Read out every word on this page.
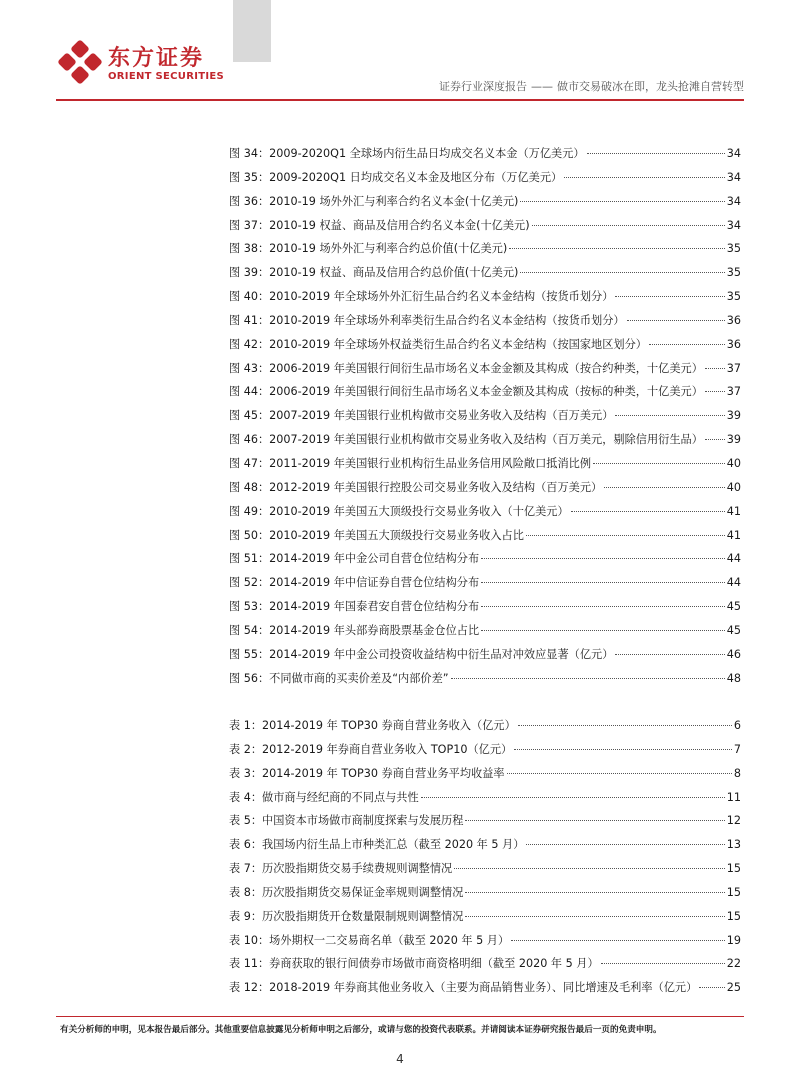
东方证券
ORIENT SECURITIES
证券行业深度报告 —— 做市交易破冰在即，龙头抢滩自营转型
图 34：2009-2020Q1 全球场内衍生品日均成交名义本金（万亿美元）	34
图 35：2009-2020Q1 日均成交名义本金及地区分布（万亿美元）	34
图 36：2010-19 场外外汇与利率合约名义本金(十亿美元)	34
图 37：2010-19 权益、商品及信用合约名义本金(十亿美元)	34
图 38：2010-19 场外外汇与利率合约总价值(十亿美元)	35
图 39：2010-19 权益、商品及信用合约总价值(十亿美元)	35
图 40：2010-2019 年全球场外外汇衍生品合约名义本金结构（按货币划分）	35
图 41：2010-2019 年全球场外利率类衍生品合约名义本金结构（按货币划分）	36
图 42：2010-2019 年全球场外权益类衍生品合约名义本金结构（按国家地区划分）	36
图 43：2006-2019 年美国银行间衍生品市场名义本金金额及其构成（按合约种类，十亿美元） 37
图 44：2006-2019 年美国银行间衍生品市场名义本金金额及其构成（按标的种类，十亿美元） 37
图 45：2007-2019 年美国银行业机构做市交易业务收入及结构（百万美元）	39
图 46：2007-2019 年美国银行业机构做市交易业务收入及结构（百万美元，剔除信用衍生品） 39
图 47：2011-2019 年美国银行业机构衍生品业务信用风险敞口抵消比例	40
图 48：2012-2019 年美国银行控股公司交易业务收入及结构（百万美元）	40
图 49：2010-2019 年美国五大顶级投行交易业务收入（十亿美元）	41
图 50：2010-2019 年美国五大顶级投行交易业务收入占比	41
图 51：2014-2019 年中金公司自营仓位结构分布	44
图 52：2014-2019 年中信证券自营仓位结构分布	44
图 53：2014-2019 年国泰君安自营仓位结构分布	45
图 54：2014-2019 年头部券商股票基金仓位占比	45
图 55：2014-2019 年中金公司投资收益结构中衍生品对冲效应显著（亿元）	46
图 56：不同做市商的买卖价差及“内部价差”	48
表 1：2014-2019 年 TOP30 券商自营业务收入（亿元）	6
表 2：2012-2019 年券商自营业务收入 TOP10（亿元）	7
表 3：2014-2019 年 TOP30 券商自营业务平均收益率	8
表 4：做市商与经纪商的不同点与共性	11
表 5：中国资本市场做市商制度探索与发展历程	12
表 6：我国场内衍生品上市种类汇总（截至 2020 年 5 月）	13
表 7：历次股指期货交易手续费规则调整情况	15
表 8：历次股指期货交易保证金率规则调整情况	15
表 9：历次股指期货开仓数量限制规则调整情况	15
表 10：场外期权一二交易商名单（截至 2020 年 5 月）	19
表 11：券商获取的银行间债券市场做市商资格明细（截至 2020 年 5 月）	22
表 12：2018-2019 年券商其他业务收入（主要为商品销售业务）、同比增速及毛利率（亿元）	25
有关分析师的申明，见本报告最后部分。其他重要信息披露见分析师申明之后部分，或请与您的投资代表联系。并请阅读本证券研究报告最后一页的免责申明。
4
